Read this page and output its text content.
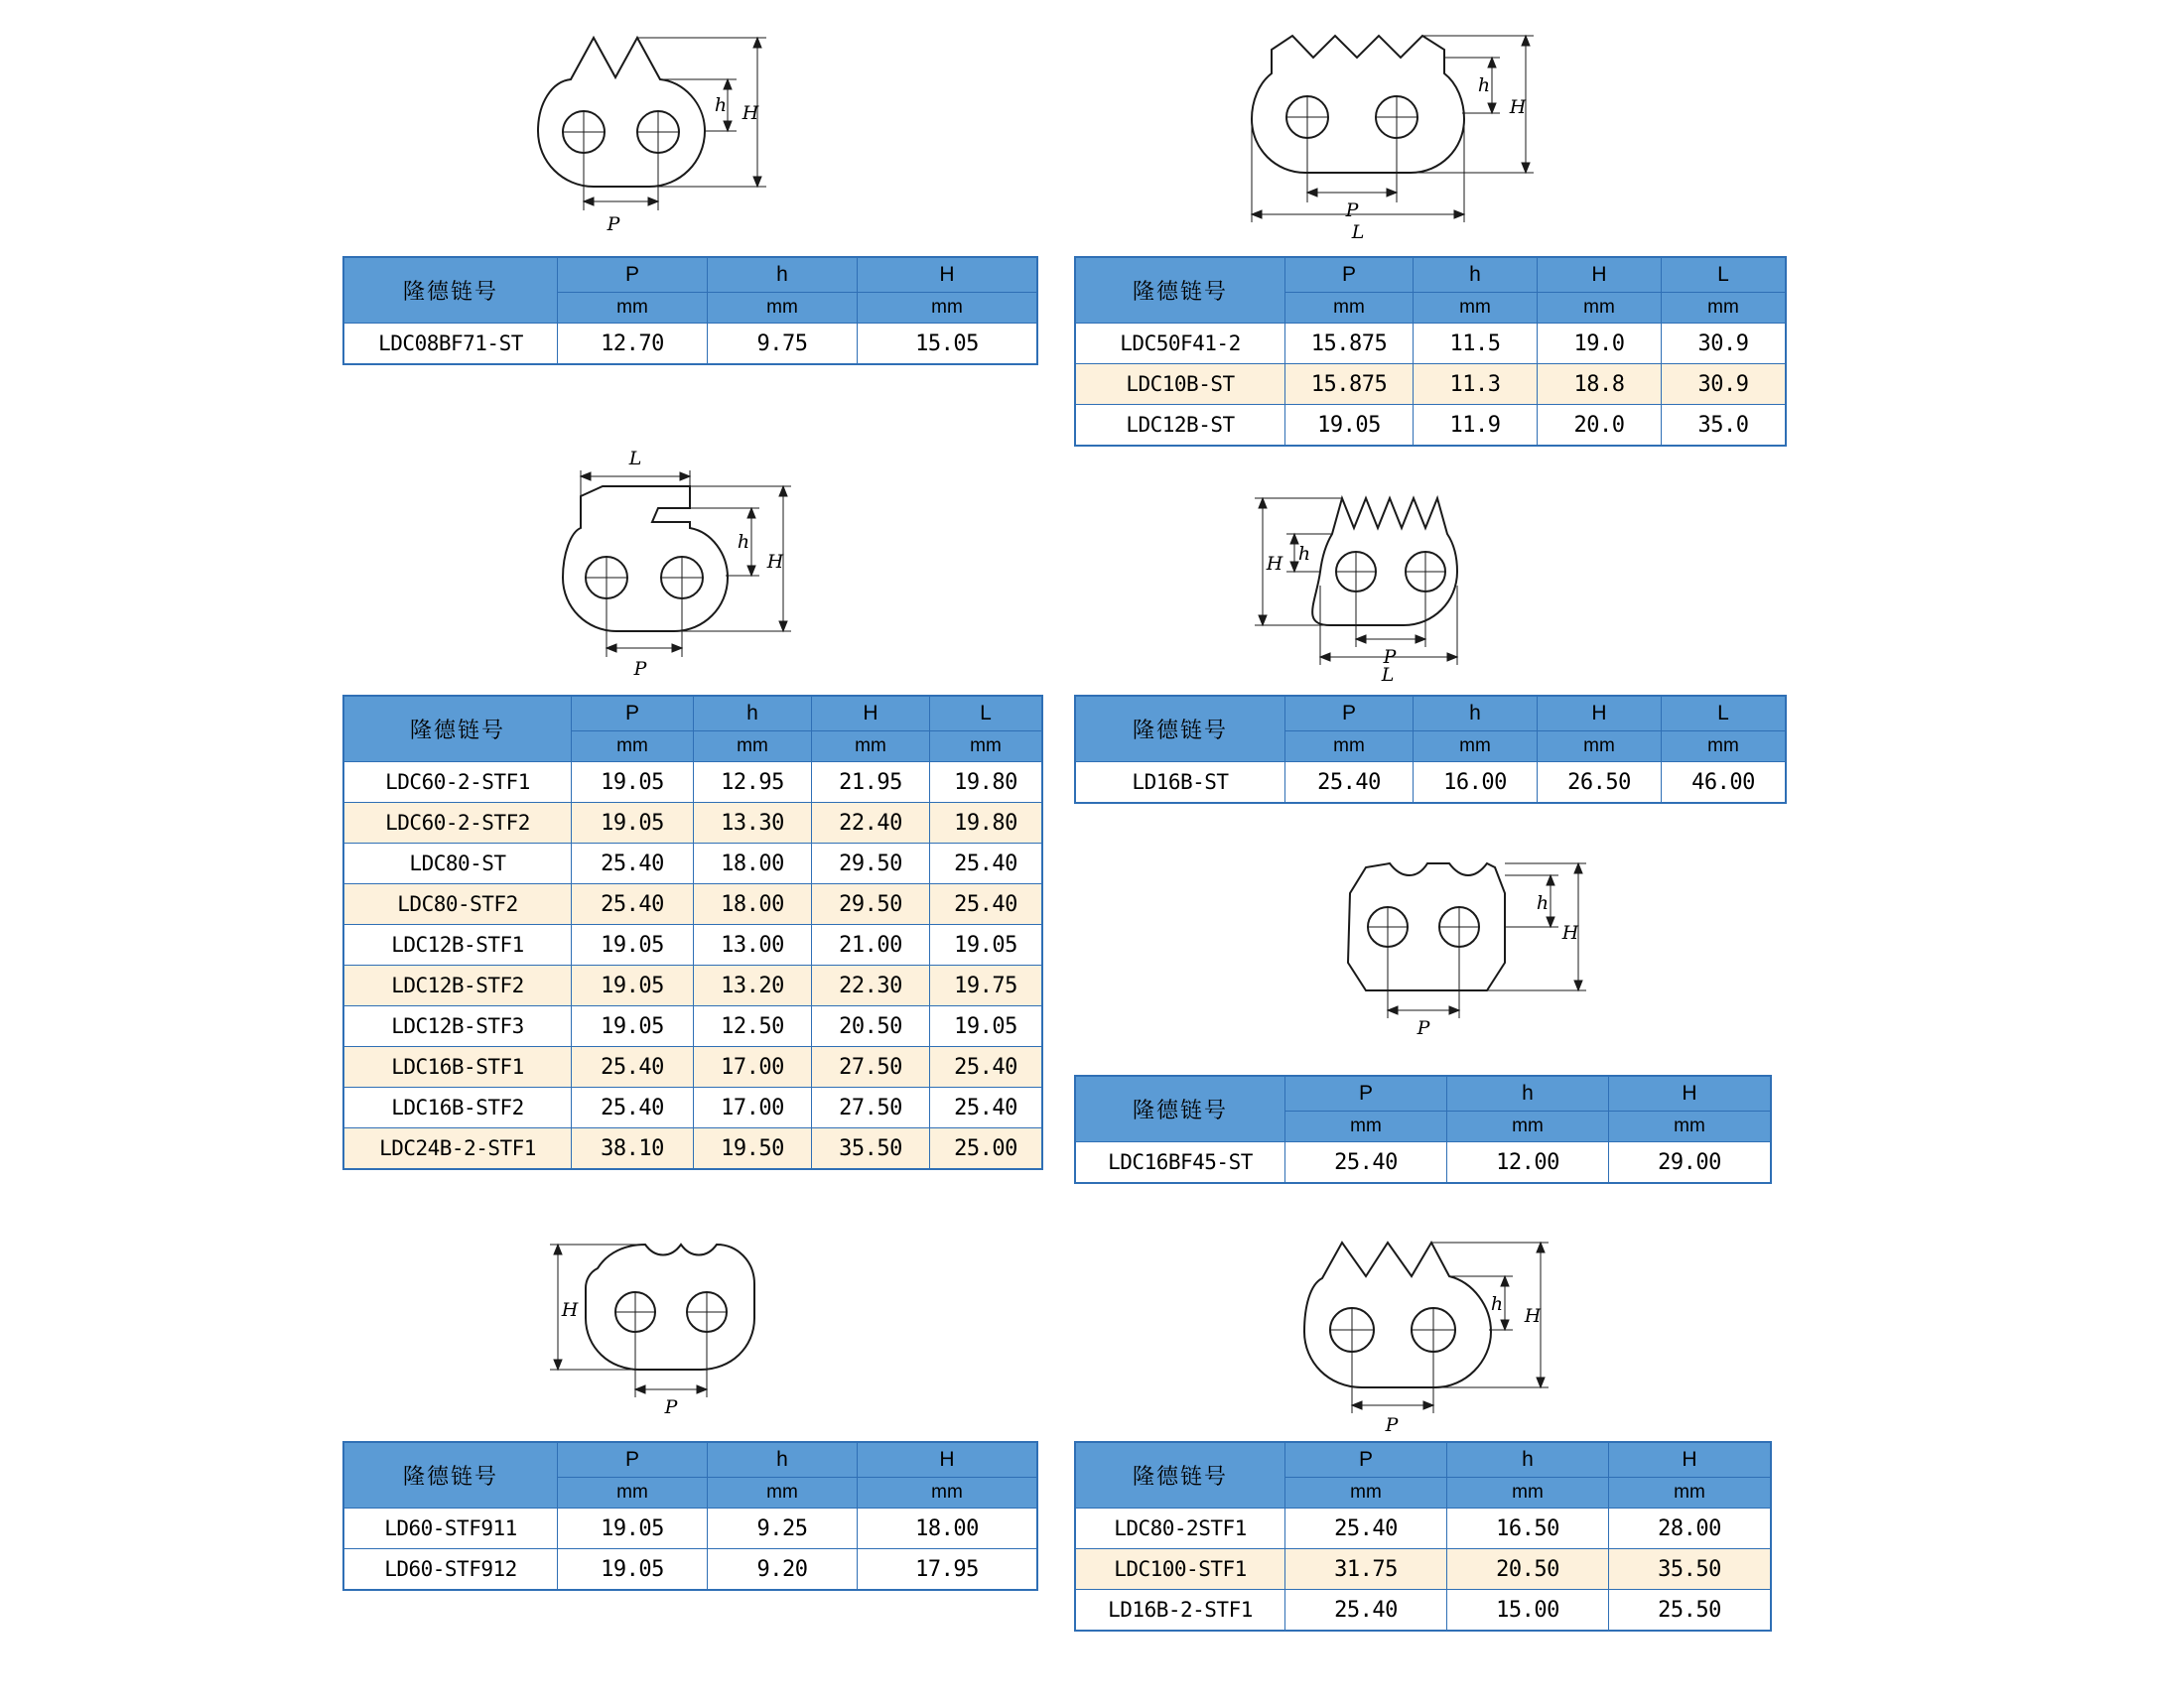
P
h H
隆德链号	P	h	H
	mm	mm	mm
LDC08BF71-ST	12.70	9.75	15.05
P
L
h
H
隆德链号	P	h	H	L
	mm	mm	mm	mm
LDC50F41-2	15.875	11.5	19.0	30.9
LDC10B-ST	15.875	11.3	18.8	30.9
LDC12B-ST	19.05	11.9	20.0	35.0
L
P
h
H
隆德链号	P	h	H	L
	mm	mm	mm	mm
LDC60-2-STF1	19.05	12.95	21.95	19.80
LDC60-2-STF2	19.05	13.30	22.40	19.80
LDC80-ST	25.40	18.00	29.50	25.40
LDC80-STF2	25.40	18.00	29.50	25.40
LDC12B-STF1	19.05	13.00	21.00	19.05
LDC12B-STF2	19.05	13.20	22.30	19.75
LDC12B-STF3	19.05	12.50	20.50	19.05
LDC16B-STF1	25.40	17.00	27.50	25.40
LDC16B-STF2	25.40	17.00	27.50	25.40
LDC24B-2-STF1	38.10	19.50	35.50	25.00
P
L
h
H
隆德链号	P	h	H	L
	mm	mm	mm	mm
LD16B-ST	25.40	16.00	26.50	46.00
P
h
H
隆德链号	P	h	H
	mm	mm	mm
LDC16BF45-ST	25.40	12.00	29.00
P
H
隆德链号	P	h	H
	mm	mm	mm
LD60-STF911	19.05	9.25	18.00
LD60-STF912	19.05	9.20	17.95
P
h
H
隆德链号	P	h	H
	mm	mm	mm
LDC80-2STF1	25.40	16.50	28.00
LDC100-STF1	31.75	20.50	35.50
LD16B-2-STF1	25.40	15.00	25.50
